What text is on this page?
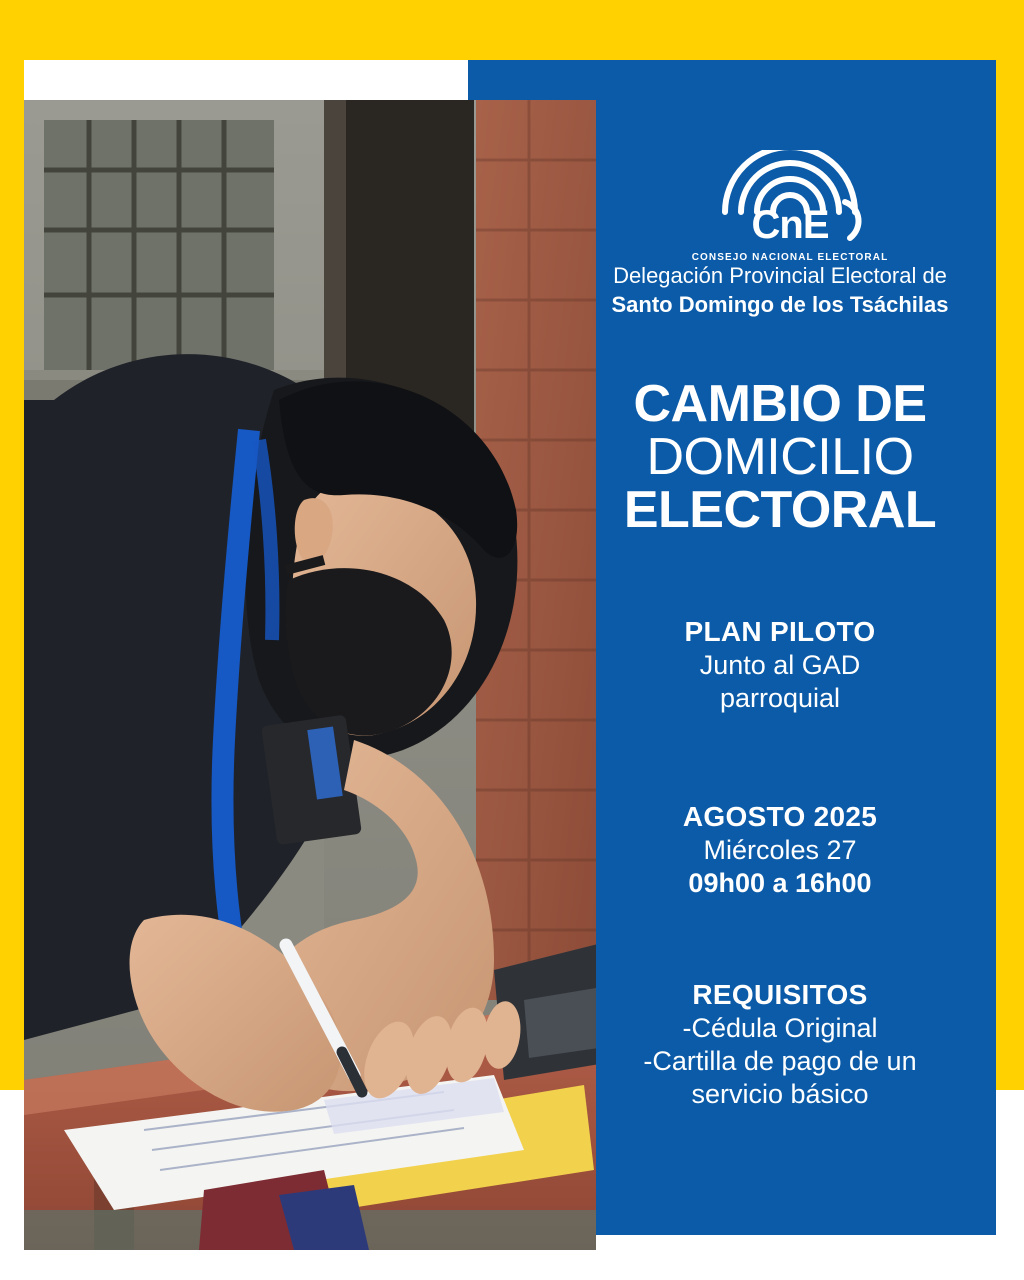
CnE
CONSEJO NACIONAL ELECTORAL
Delegación Provincial Electoral de
Santo Domingo de los Tsáchilas
CAMBIO DE
DOMICILIO
ELECTORAL
PLAN PILOTO
Junto al GAD
parroquial
AGOSTO 2025
Miércoles 27
09h00 a 16h00
REQUISITOS
-Cédula Original
-Cartilla de pago de un
servicio básico
